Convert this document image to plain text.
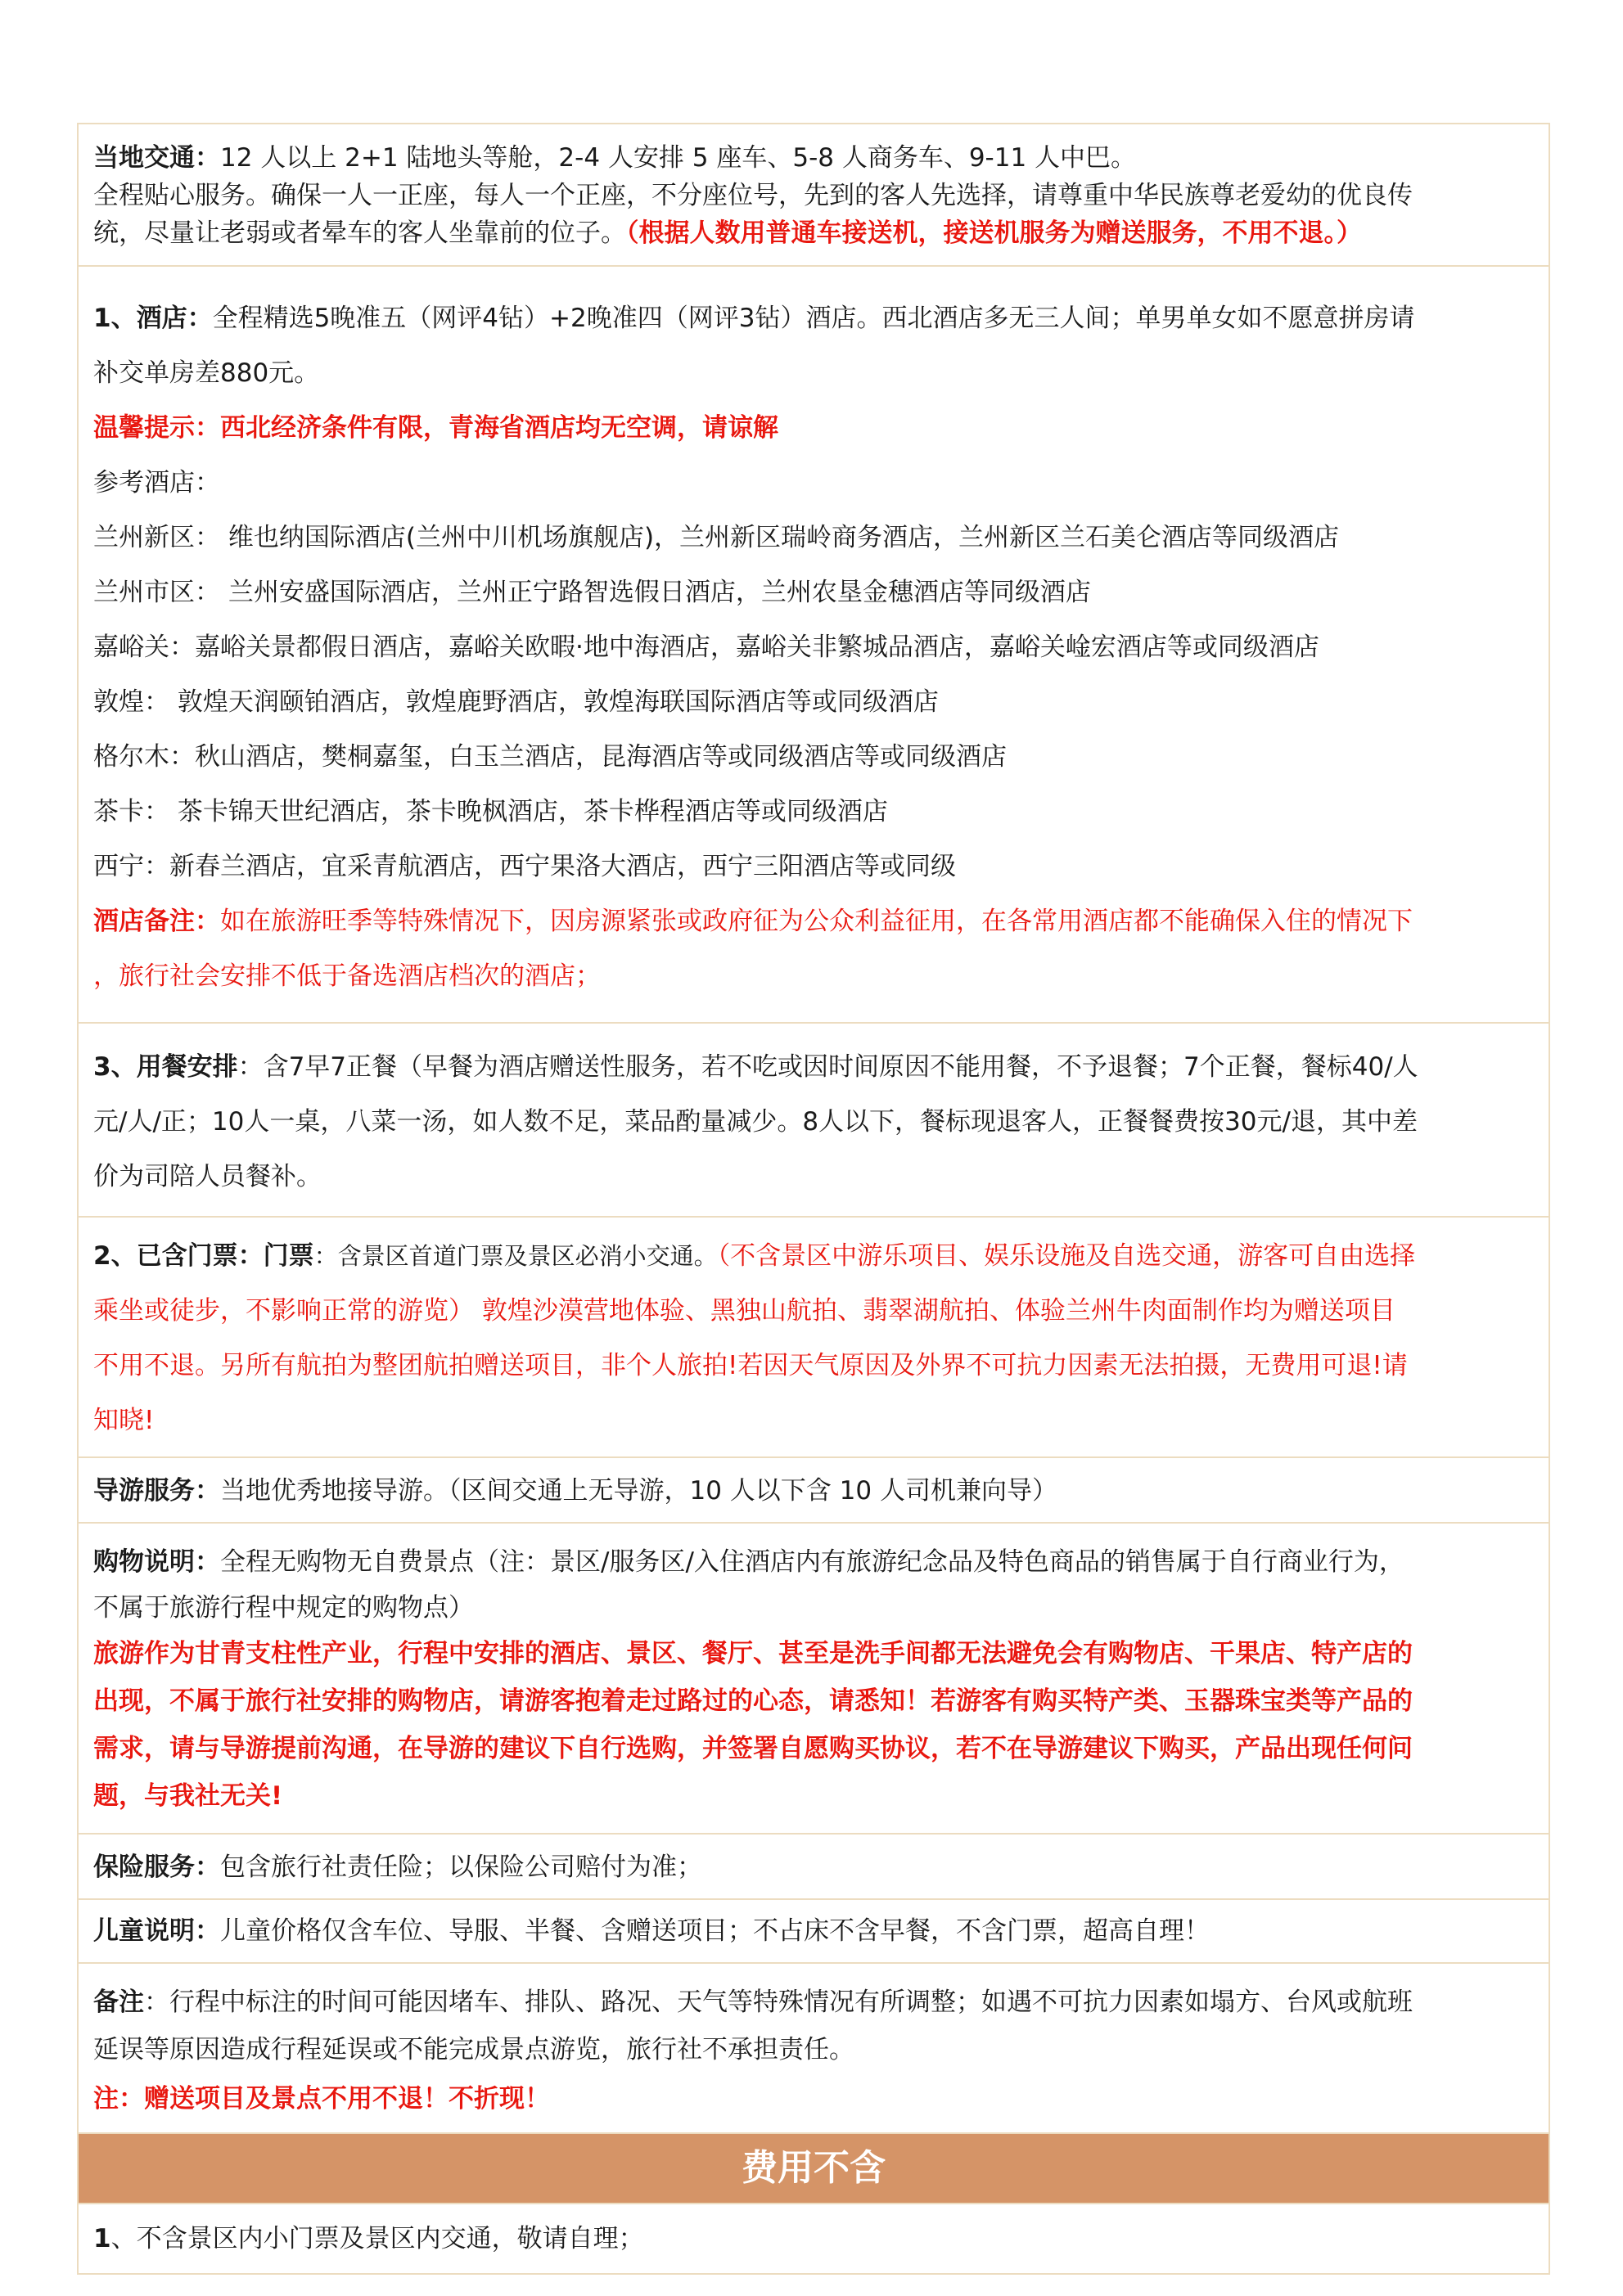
当地交通：12 人以上 2+1 陆地头等舱，2-4 人安排 5 座车、5-8 人商务车、9-11 人中巴。
全程贴心服务。确保一人一正座，每人一个正座，不分座位号，先到的客人先选择，请尊重中华民族尊老爱幼的优良传
统，尽量让老弱或者晕车的客人坐靠前的位子。（根据人数用普通车接送机，接送机服务为赠送服务，不用不退。）
1、酒店：全程精选5晚准五（网评4钻）+2晚准四（网评3钻）酒店。西北酒店多无三人间；单男单女如不愿意拼房请
补交单房差880元。
温馨提示：西北经济条件有限，青海省酒店均无空调，请谅解
参考酒店：
兰州新区： 维也纳国际酒店(兰州中川机场旗舰店)，兰州新区瑞岭商务酒店，兰州新区兰石美仑酒店等同级酒店
兰州市区： 兰州安盛国际酒店，兰州正宁路智选假日酒店，兰州农垦金穗酒店等同级酒店
嘉峪关：嘉峪关景都假日酒店，嘉峪关欧暇·地中海酒店，嘉峪关非繁城品酒店，嘉峪关崯宏酒店等或同级酒店
敦煌： 敦煌天润颐铂酒店，敦煌鹿野酒店，敦煌海联国际酒店等或同级酒店
格尔木：秋山酒店，樊桐嘉玺，白玉兰酒店，昆海酒店等或同级酒店等或同级酒店
茶卡： 茶卡锦天世纪酒店，茶卡晚枫酒店，茶卡桦程酒店等或同级酒店
西宁：新春兰酒店，宜采青航酒店，西宁果洛大酒店，西宁三阳酒店等或同级
酒店备注：如在旅游旺季等特殊情况下，因房源紧张或政府征为公众利益征用，在各常用酒店都不能确保入住的情况下
，旅行社会安排不低于备选酒店档次的酒店；
3、用餐安排：含7早7正餐（早餐为酒店赠送性服务，若不吃或因时间原因不能用餐，不予退餐；7个正餐，餐标40/人
元/人/正；10人一桌，八菜一汤，如人数不足，菜品酌量减少。8人以下，餐标现退客人，正餐餐费按30元/退，其中差
价为司陪人员餐补。
2、已含门票：门票：含景区首道门票及景区必消小交通。（不含景区中游乐项目、娱乐设施及自选交通，游客可自由选择
乘坐或徒步，不影响正常的游览） 敦煌沙漠营地体验、黑独山航拍、翡翠湖航拍、体验兰州牛肉面制作均为赠送项目
不用不退。另所有航拍为整团航拍赠送项目，非个人旅拍!若因天气原因及外界不可抗力因素无法拍摄，无费用可退!请
知晓!
导游服务：当地优秀地接导游。（区间交通上无导游，10 人以下含 10 人司机兼向导）
购物说明：全程无购物无自费景点（注：景区/服务区/入住酒店内有旅游纪念品及特色商品的销售属于自行商业行为，
不属于旅游行程中规定的购物点）
旅游作为甘青支柱性产业，行程中安排的酒店、景区、餐厅、甚至是洗手间都无法避免会有购物店、干果店、特产店的
出现，不属于旅行社安排的购物店，请游客抱着走过路过的心态，请悉知！若游客有购买特产类、玉器珠宝类等产品的
需求，请与导游提前沟通，在导游的建议下自行选购，并签署自愿购买协议，若不在导游建议下购买，产品出现任何问
题，与我社无关!
保险服务：包含旅行社责任险；以保险公司赔付为准；
儿童说明：儿童价格仅含车位、导服、半餐、含赠送项目；不占床不含早餐，不含门票，超高自理！
备注：行程中标注的时间可能因堵车、排队、路况、天气等特殊情况有所调整；如遇不可抗力因素如塌方、台风或航班
延误等原因造成行程延误或不能完成景点游览，旅行社不承担责任。
注：赠送项目及景点不用不退！不折现！
费用不含
1、不含景区内小门票及景区内交通，敬请自理；
